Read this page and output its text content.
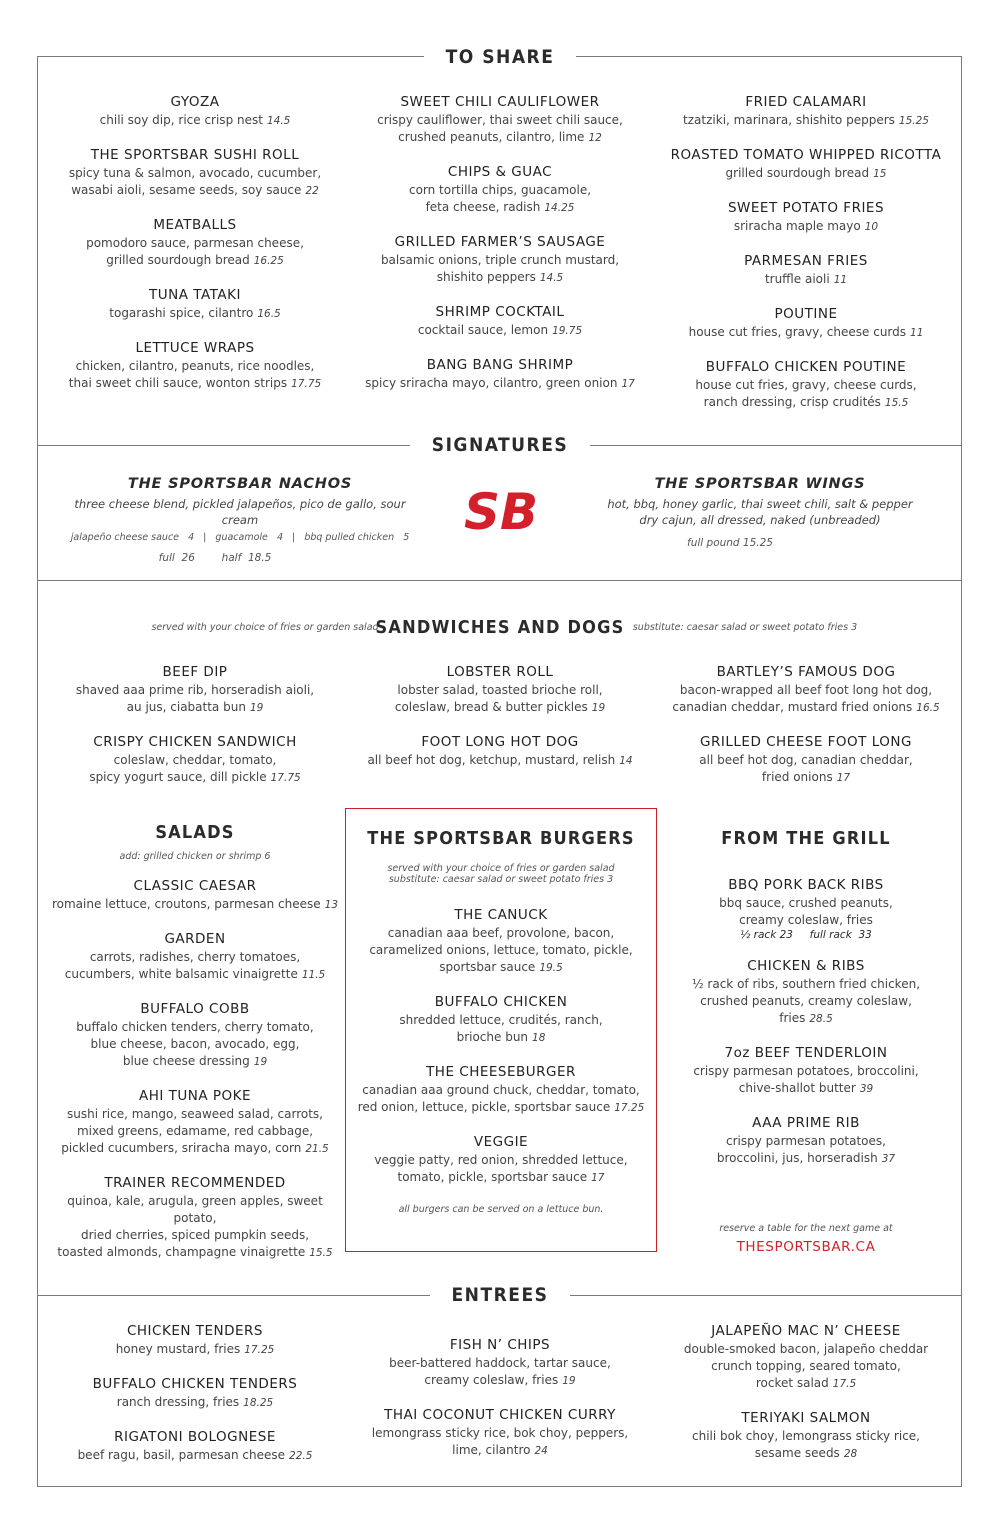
TO SHARE
SIGNATURES
ENTREES
GYOZA
chili soy dip, rice crisp nest 14.5
THE SPORTSBAR SUSHI ROLL
spicy tuna & salmon, avocado, cucumber,
wasabi aioli, sesame seeds, soy sauce 22
MEATBALLS
pomodoro sauce, parmesan cheese,
grilled sourdough bread 16.25
TUNA TATAKI
togarashi spice, cilantro 16.5
LETTUCE WRAPS
chicken, cilantro, peanuts, rice noodles,
thai sweet chili sauce, wonton strips 17.75
SWEET CHILI CAULIFLOWER
crispy cauliflower, thai sweet chili sauce,
crushed peanuts, cilantro, lime 12
CHIPS & GUAC
corn tortilla chips, guacamole,
feta cheese, radish 14.25
GRILLED FARMER’S SAUSAGE
balsamic onions, triple crunch mustard,
shishito peppers 14.5
SHRIMP COCKTAIL
cocktail sauce, lemon 19.75
BANG BANG SHRIMP
spicy sriracha mayo, cilantro, green onion 17
FRIED CALAMARI
tzatziki, marinara, shishito peppers 15.25
ROASTED TOMATO WHIPPED RICOTTA
grilled sourdough bread 15
SWEET POTATO FRIES
sriracha maple mayo 10
PARMESAN FRIES
truffle aioli 11
POUTINE
house cut fries, gravy, cheese curds 11
BUFFALO CHICKEN POUTINE
house cut fries, gravy, cheese curds,
ranch dressing, crisp crudités 15.5
THE SPORTSBAR NACHOS
three cheese blend, pickled jalapeños, pico de gallo, sour cream
jalapeño cheese sauce   4   |   guacamole   4   |   bbq pulled chicken   5
full  26        half  18.5
SB	THE SPORTSBAR WINGS
hot, bbq, honey garlic, thai sweet chili, salt & pepper
dry cajun, all dressed, naked (unbreaded)
full pound 15.25
served with your choice of fries or garden salad
SANDWICHES AND DOGS substitute: caesar salad or sweet potato fries 3
BEEF DIP
shaved aaa prime rib, horseradish aioli,
au jus, ciabatta bun 19
CRISPY CHICKEN SANDWICH
coleslaw, cheddar, tomato,
spicy yogurt sauce, dill pickle 17.75
LOBSTER ROLL
lobster salad, toasted brioche roll,
coleslaw, bread & butter pickles 19
FOOT LONG HOT DOG
all beef hot dog, ketchup, mustard, relish 14
BARTLEY’S FAMOUS DOG
bacon-wrapped all beef foot long hot dog,
canadian cheddar, mustard fried onions 16.5
GRILLED CHEESE FOOT LONG
all beef hot dog, canadian cheddar,
fried onions 17
SALADS
add: grilled chicken or shrimp 6
CLASSIC CAESAR
romaine lettuce, croutons, parmesan cheese 13
GARDEN
carrots, radishes, cherry tomatoes,
cucumbers, white balsamic vinaigrette 11.5
BUFFALO COBB
buffalo chicken tenders, cherry tomato,
blue cheese, bacon, avocado, egg,
blue cheese dressing 19
AHI TUNA POKE
sushi rice, mango, seaweed salad, carrots,
mixed greens, edamame, red cabbage,
pickled cucumbers, sriracha mayo, corn 21.5
TRAINER RECOMMENDED
quinoa, kale, arugula, green apples, sweet potato,
dried cherries, spiced pumpkin seeds,
toasted almonds, champagne vinaigrette 15.5
THE SPORTSBAR BURGERS
served with your choice of fries or garden salad
substitute: caesar salad or sweet potato fries 3
THE CANUCK
canadian aaa beef, provolone, bacon,
caramelized onions, lettuce, tomato, pickle,
sportsbar sauce 19.5
BUFFALO CHICKEN
shredded lettuce, crudités, ranch,
brioche bun 18
THE CHEESEBURGER
canadian aaa ground chuck, cheddar, tomato,
red onion, lettuce, pickle, sportsbar sauce 17.25
VEGGIE
veggie patty, red onion, shredded lettuce,
tomato, pickle, sportsbar sauce 17
all burgers can be served on a lettuce bun.
FROM THE GRILL
BBQ PORK BACK RIBS
bbq sauce, crushed peanuts,
creamy coleslaw, fries
½ rack 23     full rack  33
CHICKEN & RIBS
½ rack of ribs, southern fried chicken,
crushed peanuts, creamy coleslaw,
fries 28.5
7oz BEEF TENDERLOIN
crispy parmesan potatoes, broccolini,
chive-shallot butter 39
AAA PRIME RIB
crispy parmesan potatoes,
broccolini, jus, horseradish 37
reserve a table for the next game at
THESPORTSBAR.CA
CHICKEN TENDERS
honey mustard, fries 17.25
BUFFALO CHICKEN TENDERS
ranch dressing, fries 18.25
RIGATONI BOLOGNESE
beef ragu, basil, parmesan cheese 22.5
FISH N’ CHIPS
beer-battered haddock, tartar sauce,
creamy coleslaw, fries 19
THAI COCONUT CHICKEN CURRY
lemongrass sticky rice, bok choy, peppers,
lime, cilantro 24
JALAPEÑO MAC N’ CHEESE
double-smoked bacon, jalapeño cheddar
crunch topping, seared tomato,
rocket salad 17.5
TERIYAKI SALMON
chili bok choy, lemongrass sticky rice,
sesame seeds 28
